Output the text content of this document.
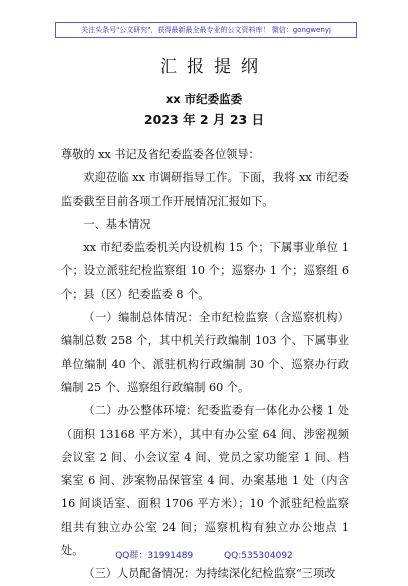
关注头条号"公文研究"，获得最新最全最专业的公文资料库！ 微信：gongwenyj
汇报提纲
xx 市纪委监委
2023 年 2 月 23 日

尊敬的 xx 书记及省纪委监委各位领导：

欢迎莅临 xx 市调研指导工作。下面，我将 xx 市纪委监委截至目前各项工作开展情况汇报如下。

一、基本情况

xx 市纪委监委机关内设机构 15 个；下属事业单位 1 个；设立派驻纪检监察组 10 个；巡察办 1 个；巡察组 6 个；县（区）纪委监委 8 个。

（一）编制总体情况：全市纪检监察（含巡察机构）编制总数 258 个，其中机关行政编制 103 个、下属事业单位编制 40 个、派驻机构行政编制 30 个、巡察办行政编制 25 个、巡察组行政编制 60 个。

（二）办公整体环境：纪委监委有一体化办公楼 1 处（面积 13168 平方米），其中有办公室 64 间、涉密视频会议室 2 间、小会议室 4 间、党员之家功能室 1 间、档案室 6 间、涉案物品保管室 4 间、办案基地 1 处（内含 16 间谈话室、面积 1706 平方米）；10 个派驻纪检监察组共有独立办公室 24 间；巡察机构有独立办公地点 1 处。

（三）人员配备情况：为持续深化纪检监察“三项改

QQ群：31991489	QQ:535304092
